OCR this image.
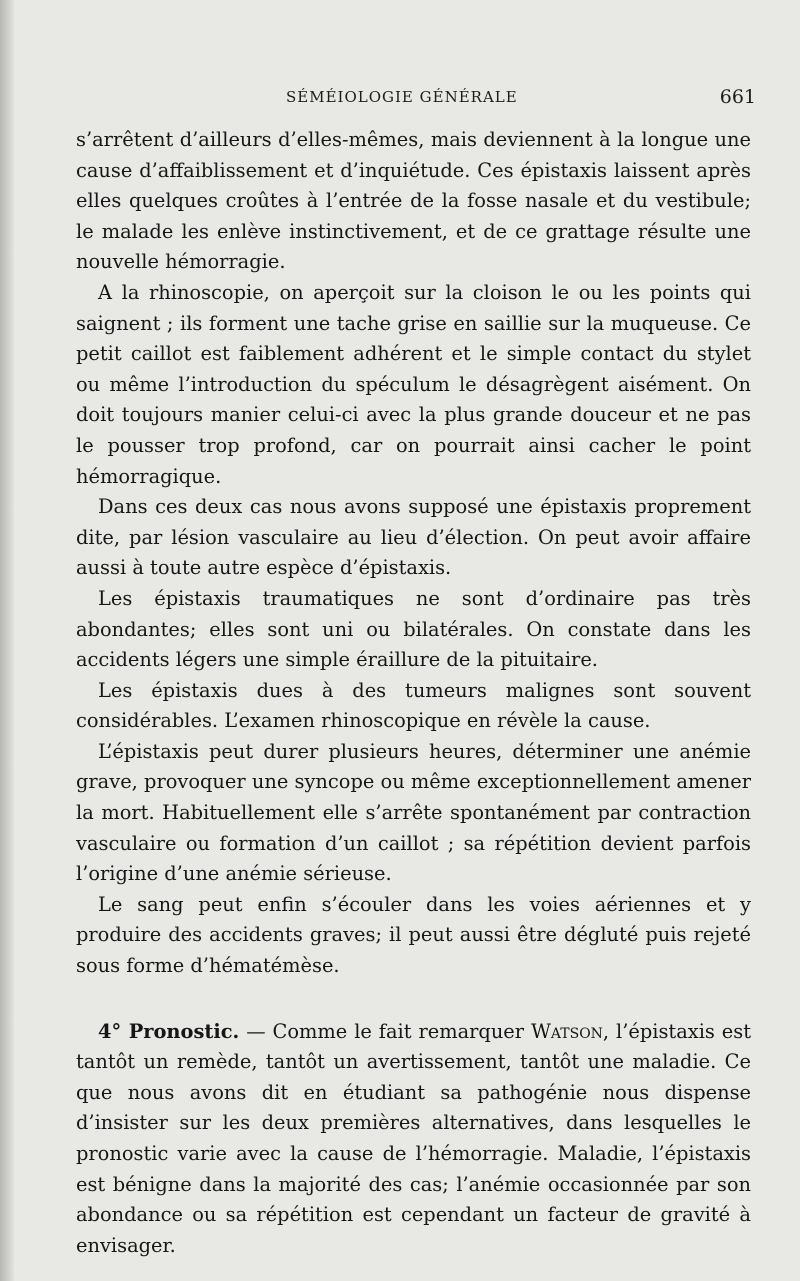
SÉMÉIOLOGIE GÉNÉRALE	661

s’arrêtent d’ailleurs d’elles-mêmes, mais deviennent à la longue une cause d’affaiblissement et d’inquiétude. Ces épistaxis laissent après elles quelques croûtes à l’entrée de la fosse nasale et du vestibule; le malade les enlève instinctivement, et de ce grattage résulte une nouvelle hémorragie.

A la rhinoscopie, on aperçoit sur la cloison le ou les points qui saignent ; ils forment une tache grise en saillie sur la muqueuse. Ce petit caillot est faiblement adhérent et le simple contact du stylet ou même l’introduction du spéculum le désagrègent aisément. On doit toujours manier celui-ci avec la plus grande douceur et ne pas le pousser trop profond, car on pourrait ainsi cacher le point hémorragique.

Dans ces deux cas nous avons supposé une épistaxis proprement dite, par lésion vasculaire au lieu d’élection. On peut avoir affaire aussi à toute autre espèce d’épistaxis.

Les épistaxis traumatiques ne sont d’ordinaire pas très abondantes; elles sont uni ou bilatérales. On constate dans les accidents légers une simple éraillure de la pituitaire.

Les épistaxis dues à des tumeurs malignes sont souvent considérables. L’examen rhinoscopique en révèle la cause.

L’épistaxis peut durer plusieurs heures, déterminer une anémie grave, provoquer une syncope ou même exceptionnellement amener la mort. Habituellement elle s’arrête spontanément par contraction vasculaire ou formation d’un caillot ; sa répétition devient parfois l’origine d’une anémie sérieuse.

Le sang peut enfin s’écouler dans les voies aériennes et y produire des accidents graves; il peut aussi être dégluté puis rejeté sous forme d’hématémèse.

4° Pronostic. — Comme le fait remarquer Watson, l’épistaxis est tantôt un remède, tantôt un avertissement, tantôt une maladie. Ce que nous avons dit en étudiant sa pathogénie nous dispense d’insister sur les deux premières alternatives, dans lesquelles le pronostic varie avec la cause de l’hémorragie. Maladie, l’épistaxis est bénigne dans la majorité des cas; l’anémie occasionnée par son abondance ou sa répétition est cependant un facteur de gravité à envisager.
